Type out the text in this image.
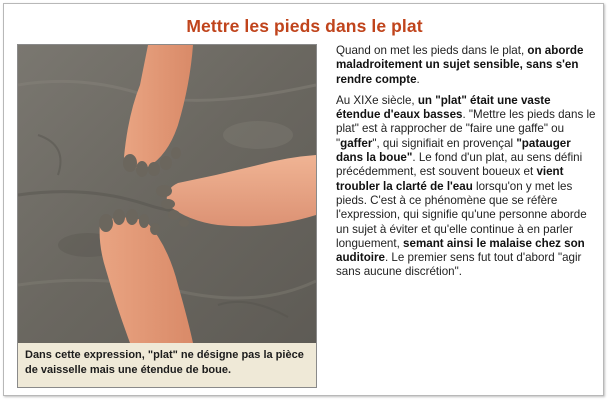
Mettre les pieds dans le plat
Dans cette expression, "plat" ne désigne pas la pièce de vaisselle mais une étendue de boue.

Quand on met les pieds dans le plat, on aborde maladroitement un sujet sensible, sans s'en rendre compte.

Au XIXe siècle, un "plat" était une vaste étendue d'eaux basses. "Mettre les pieds dans le plat" est à rapprocher de "faire une gaffe" ou "gaffer", qui signifiait en provençal "patauger dans la boue". Le fond d'un plat, au sens défini précédemment, est souvent boueux et vient troubler la clarté de l'eau lorsqu'on y met les pieds. C'est à ce phénomène que se réfère l'expression, qui signifie qu'une personne aborde un sujet à éviter et qu'elle continue à en parler longuement, semant ainsi le malaise chez son auditoire. Le premier sens fut tout d'abord "agir sans aucune discrétion".
